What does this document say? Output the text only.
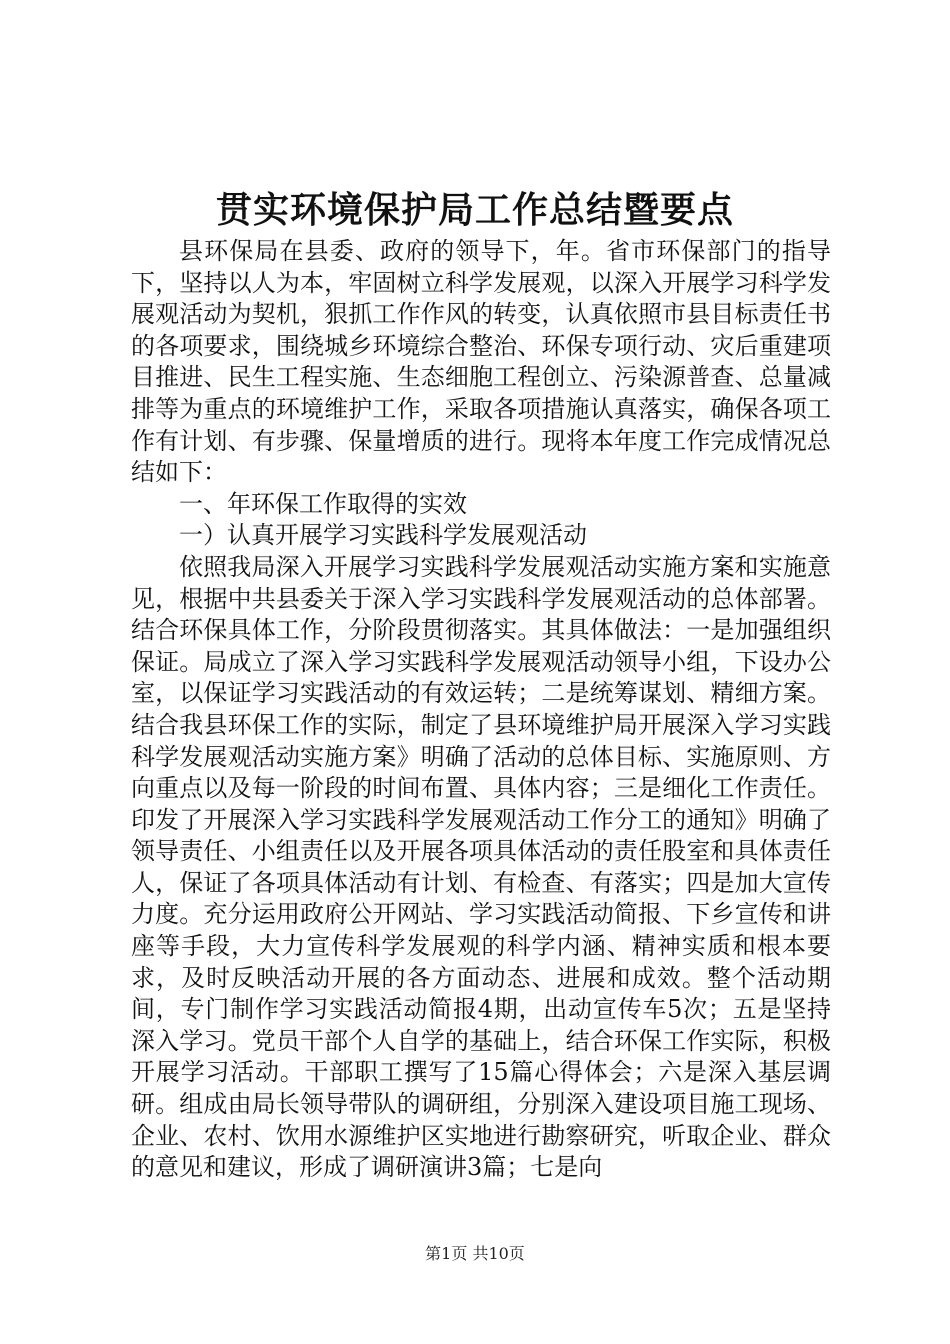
贯实环境保护局工作总结暨要点

县环保局在县委、政府的领导下，年。省市环保部门的指导下，坚持以人为本，牢固树立科学发展观，以深入开展学习科学发展观活动为契机，狠抓工作作风的转变，认真依照市县目标责任书的各项要求，围绕城乡环境综合整治、环保专项行动、灾后重建项目推进、民生工程实施、生态细胞工程创立、污染源普查、总量减排等为重点的环境维护工作，采取各项措施认真落实，确保各项工作有计划、有步骤、保量增质的进行。现将本年度工作完成情况总结如下：

一、年环保工作取得的实效

一）认真开展学习实践科学发展观活动

依照我局深入开展学习实践科学发展观活动实施方案和实施意见，根据中共县委关于深入学习实践科学发展观活动的总体部署。结合环保具体工作，分阶段贯彻落实。其具体做法：一是加强组织保证。局成立了深入学习实践科学发展观活动领导小组，下设办公室，以保证学习实践活动的有效运转；二是统筹谋划、精细方案。结合我县环保工作的实际，制定了县环境维护局开展深入学习实践科学发展观活动实施方案》明确了活动的总体目标、实施原则、方向重点以及每一阶段的时间布置、具体内容；三是细化工作责任。印发了开展深入学习实践科学发展观活动工作分工的通知》明确了领导责任、小组责任以及开展各项具体活动的责任股室和具体责任人，保证了各项具体活动有计划、有检查、有落实；四是加大宣传力度。充分运用政府公开网站、学习实践活动简报、下乡宣传和讲座等手段，大力宣传科学发展观的科学内涵、精神实质和根本要求，及时反映活动开展的各方面动态、进展和成效。整个活动期间，专门制作学习实践活动简报4期，出动宣传车5次；五是坚持深入学习。党员干部个人自学的基础上，结合环保工作实际，积极开展学习活动。干部职工撰写了15篇心得体会；六是深入基层调研。组成由局长领导带队的调研组，分别深入建设项目施工现场、企业、农村、饮用水源维护区实地进行勘察研究，听取企业、群众的意见和建议，形成了调研演讲3篇；七是向

第1页 共10页
